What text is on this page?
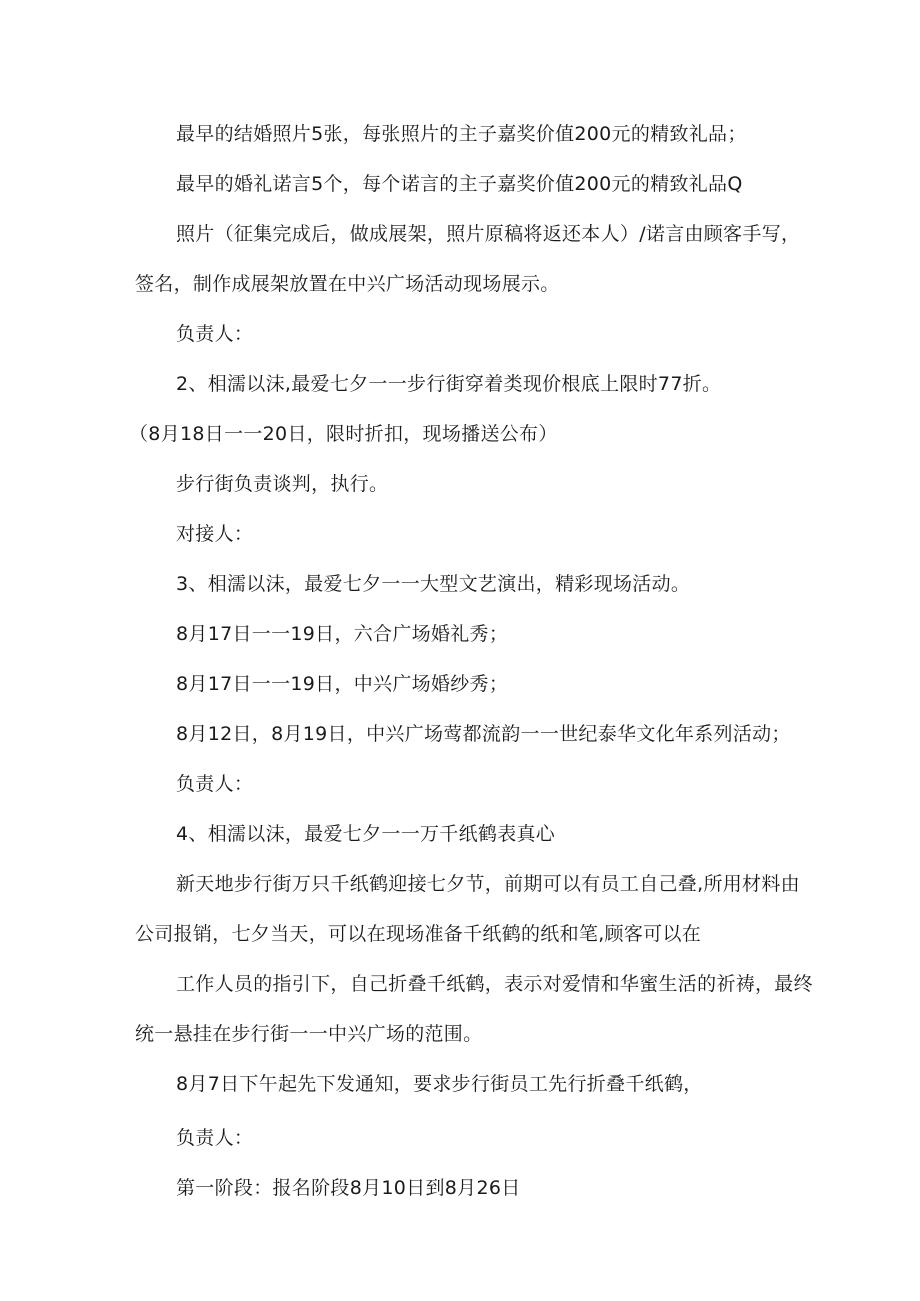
最早的结婚照片5张，每张照片的主子嘉奖价值200元的精致礼品；

最早的婚礼诺言5个，每个诺言的主子嘉奖价值200元的精致礼品Q

照片（征集完成后，做成展架，照片原稿将返还本人）/诺言由顾客手写，

签名，制作成展架放置在中兴广场活动现场展示。

负责人：

2、相濡以沫,最爱七夕一一步行街穿着类现价根底上限时77折。

（8月18日一一20日，限时折扣，现场播送公布）

步行街负责谈判，执行。

对接人：

3、相濡以沫，最爱七夕一一大型文艺演出，精彩现场活动。

8月17日一一19日，六合广场婚礼秀；

8月17日一一19日，中兴广场婚纱秀；

8月12日，8月19日，中兴广场莺都流韵一一世纪泰华文化年系列活动；

负责人：

4、相濡以沫，最爱七夕一一万千纸鹤表真心

新天地步行街万只千纸鹤迎接七夕节，前期可以有员工自己叠,所用材料由

公司报销，七夕当天，可以在现场准备千纸鹤的纸和笔,顾客可以在

工作人员的指引下，自己折叠千纸鹤，表示对爱情和华蜜生活的祈祷，最终

统一悬挂在步行街一一中兴广场的范围。

8月7日下午起先下发通知，要求步行街员工先行折叠千纸鹤，

负责人：

第一阶段：报名阶段8月10日到8月26日
